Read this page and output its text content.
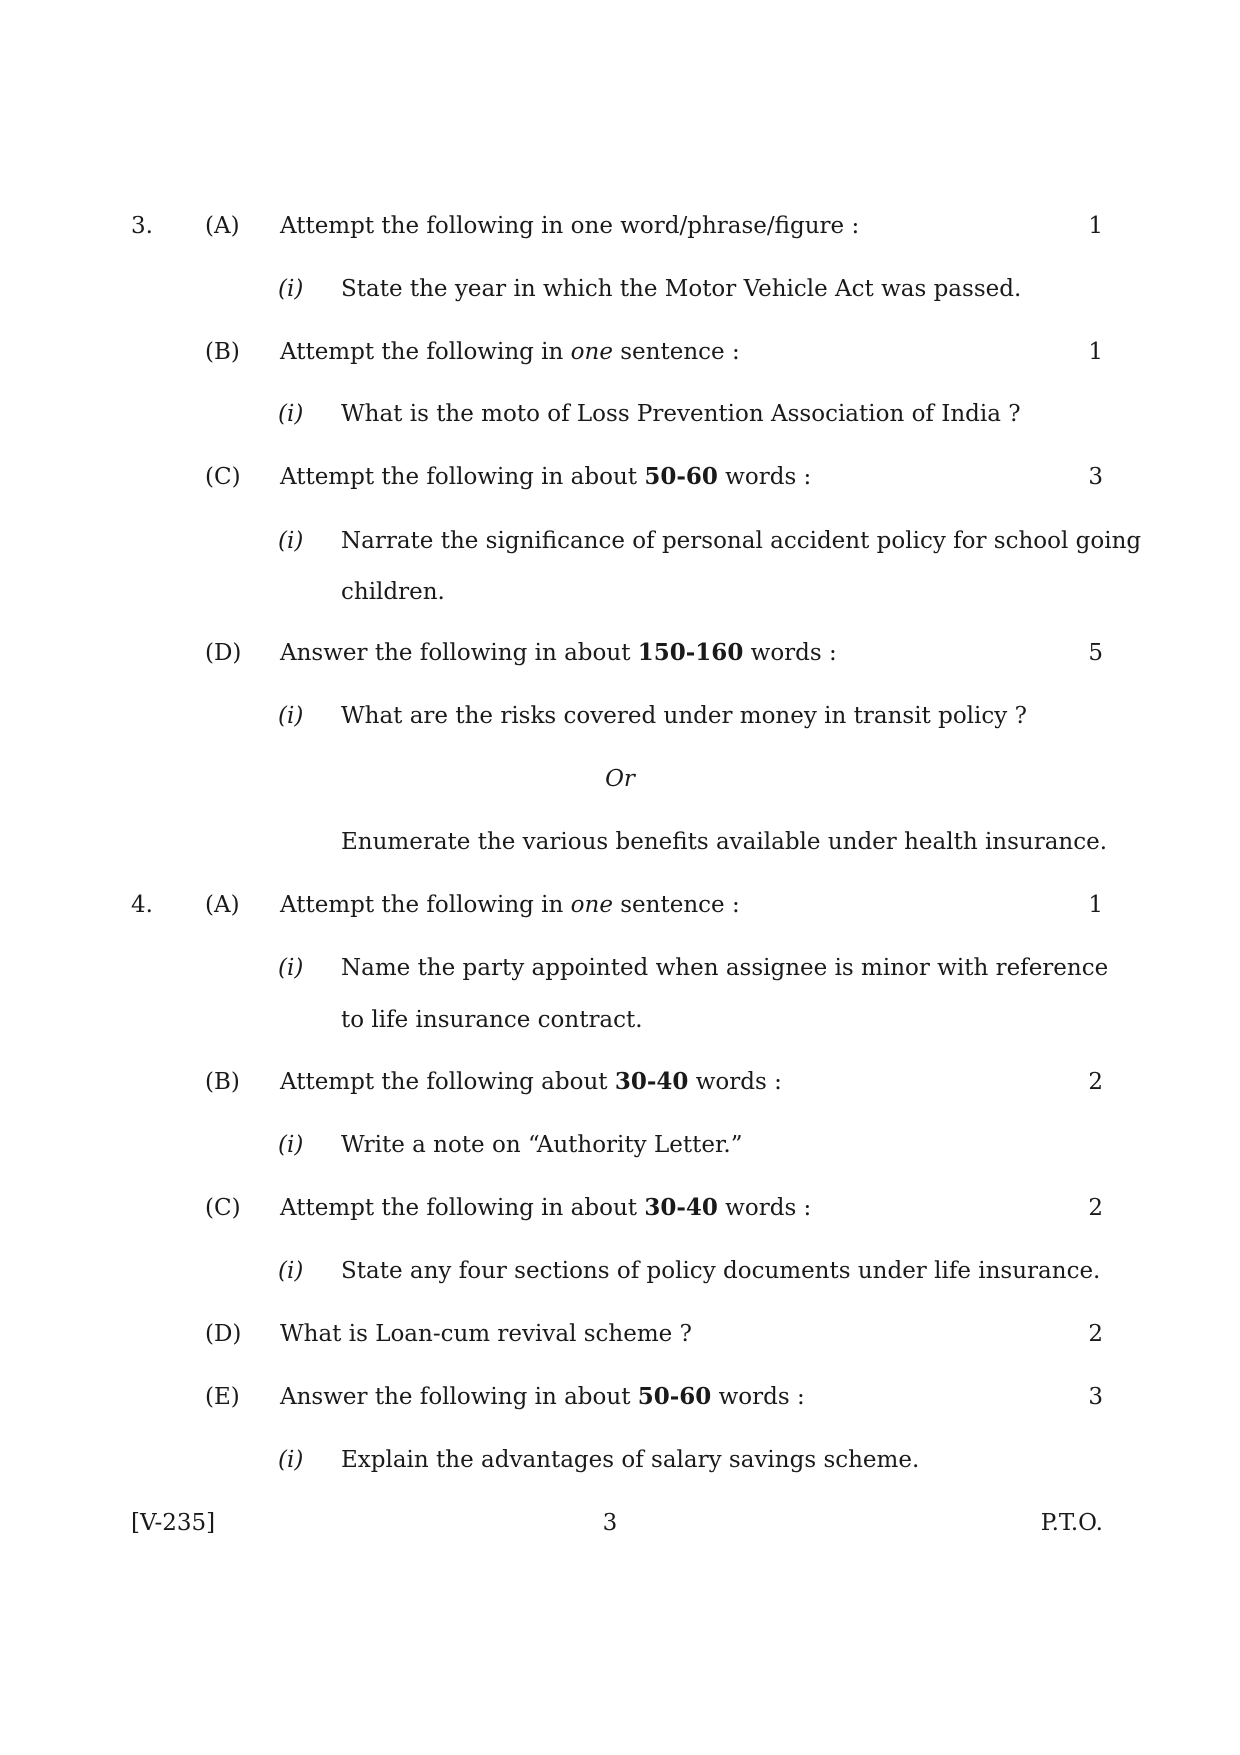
3. (A) Attempt the following in one word/phrase/figure :	1
(i) State the year in which the Motor Vehicle Act was passed.
(B) Attempt the following in one sentence :	1
(i) What is the moto of Loss Prevention Association of India ?
(C) Attempt the following in about 50-60 words :	3
(i) Narrate the significance of personal accident policy for school going
children.
(D) Answer the following in about 150-160 words :	5
(i) What are the risks covered under money in transit policy ?
Or
Enumerate the various benefits available under health insurance.
4. (A) Attempt the following in one sentence :	1
(i) Name the party appointed when assignee is minor with reference
to life insurance contract.
(B) Attempt the following about 30-40 words :	2
(i) Write a note on “Authority Letter.”
(C) Attempt the following in about 30-40 words :	2
(i) State any four sections of policy documents under life insurance.
(D) What is Loan-cum revival scheme ?	2
(E) Answer the following in about 50-60 words :	3
(i) Explain the advantages of salary savings scheme.
[V-235]	3	P.T.O.
